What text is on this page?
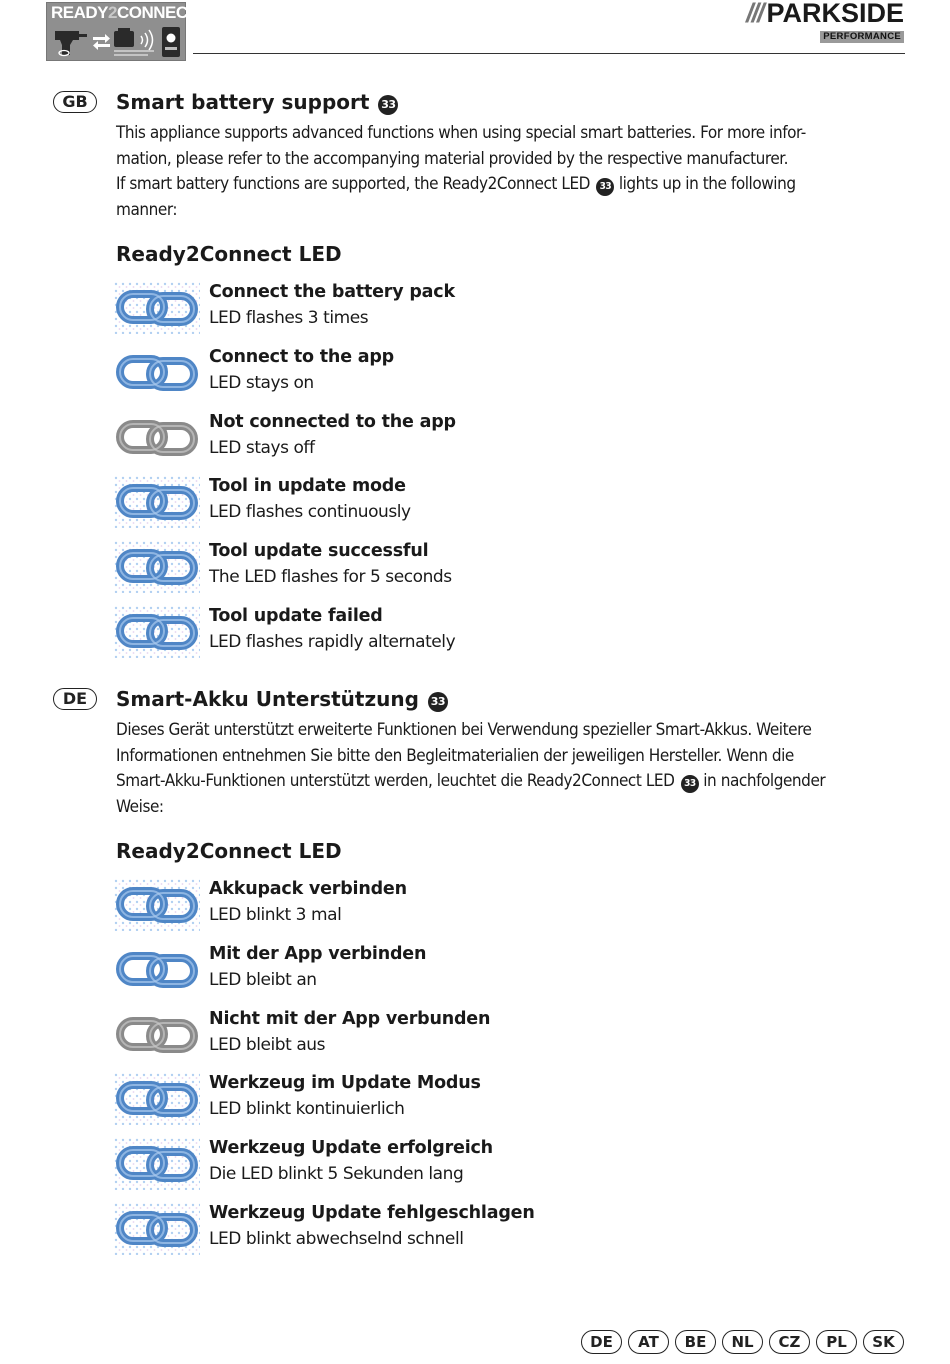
READY2CONNECT	/// PARKSIDE
PERFORMANCE
GB	Smart battery support 33
This appliance supports advanced functions when using special smart batteries. For more infor-
mation, please refer to the accompanying material provided by the respective manufacturer.
If smart battery functions are supported, the Ready2Connect LED 33 lights up in the following
manner:
Ready2Connect LED
Connect the battery pack
LED flashes 3 times
Connect to the app
LED stays on
Not connected to the app
LED stays off
Tool in update mode
LED flashes continuously
Tool update successful
The LED flashes for 5 seconds
Tool update failed
LED flashes rapidly alternately
DE	Smart-Akku Unterstützung 33
Dieses Gerät unterstützt erweiterte Funktionen bei Verwendung spezieller Smart-Akkus. Weitere
Informationen entnehmen Sie bitte den Begleitmaterialien der jeweiligen Hersteller. Wenn die
Smart-Akku-Funktionen unterstützt werden, leuchtet die Ready2Connect LED 33 in nachfolgender
Weise:
Ready2Connect LED
Akkupack verbinden
LED blinkt 3 mal
Mit der App verbinden
LED bleibt an
Nicht mit der App verbunden
LED bleibt aus
Werkzeug im Update Modus
LED blinkt kontinuierlich
Werkzeug Update erfolgreich
Die LED blinkt 5 Sekunden lang
Werkzeug Update fehlgeschlagen
LED blinkt abwechselnd schnell
DE	AT	BE	NL	CZ	PL	SK
